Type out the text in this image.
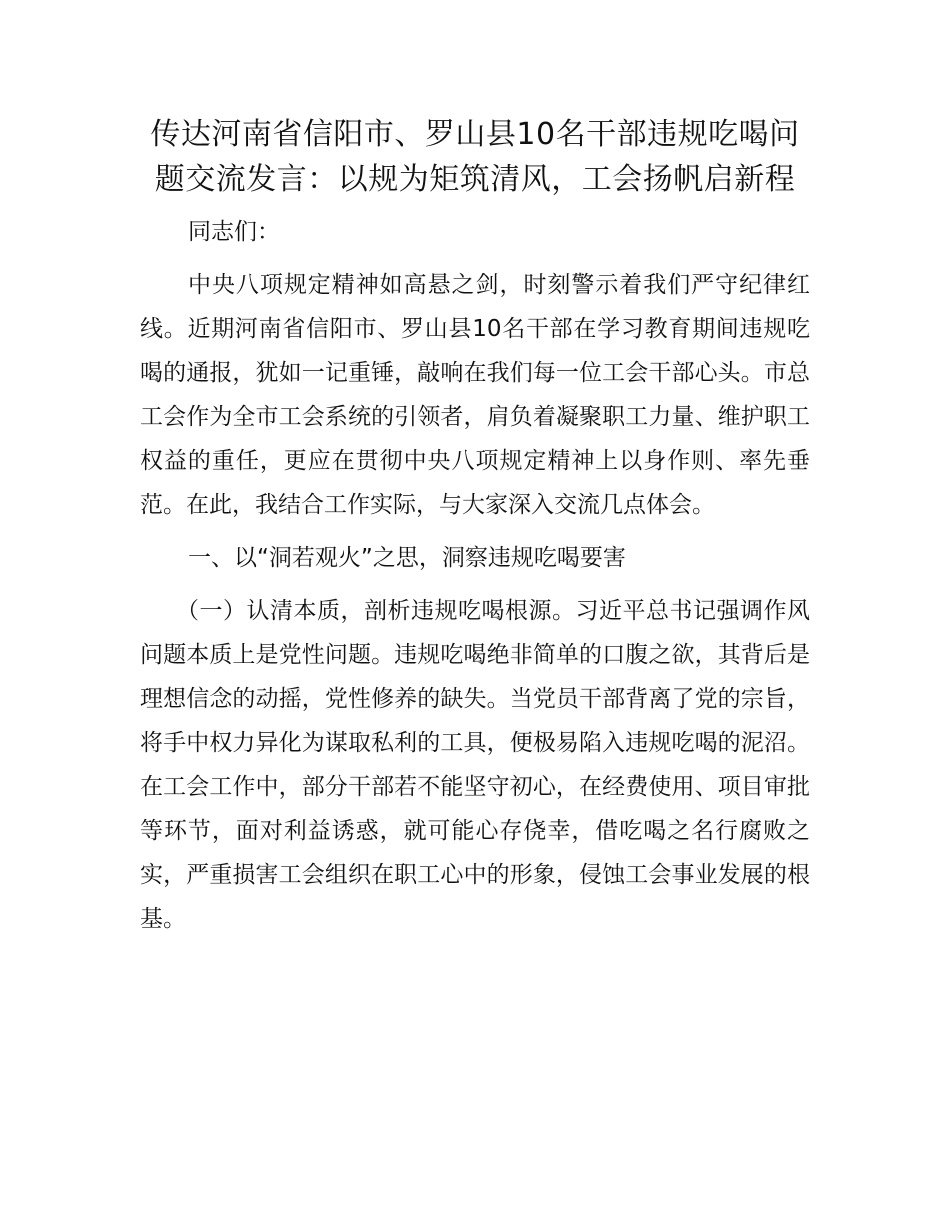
传达河南省信阳市、罗山县10名干部违规吃喝问题交流发言：以规为矩筑清风，工会扬帆启新程

同志们：

中央八项规定精神如高悬之剑，时刻警示着我们严守纪律红线。近期河南省信阳市、罗山县10名干部在学习教育期间违规吃喝的通报，犹如一记重锤，敲响在我们每一位工会干部心头。市总工会作为全市工会系统的引领者，肩负着凝聚职工力量、维护职工权益的重任，更应在贯彻中央八项规定精神上以身作则、率先垂范。在此，我结合工作实际，与大家深入交流几点体会。

一、以“洞若观火”之思，洞察违规吃喝要害

（一）认清本质，剖析违规吃喝根源。习近平总书记强调作风问题本质上是党性问题。违规吃喝绝非简单的口腹之欲，其背后是理想信念的动摇，党性修养的缺失。当党员干部背离了党的宗旨，将手中权力异化为谋取私利的工具，便极易陷入违规吃喝的泥沼。在工会工作中，部分干部若不能坚守初心，在经费使用、项目审批等环节，面对利益诱惑，就可能心存侥幸，借吃喝之名行腐败之实，严重损害工会组织在职工心中的形象，侵蚀工会事业发展的根基。
